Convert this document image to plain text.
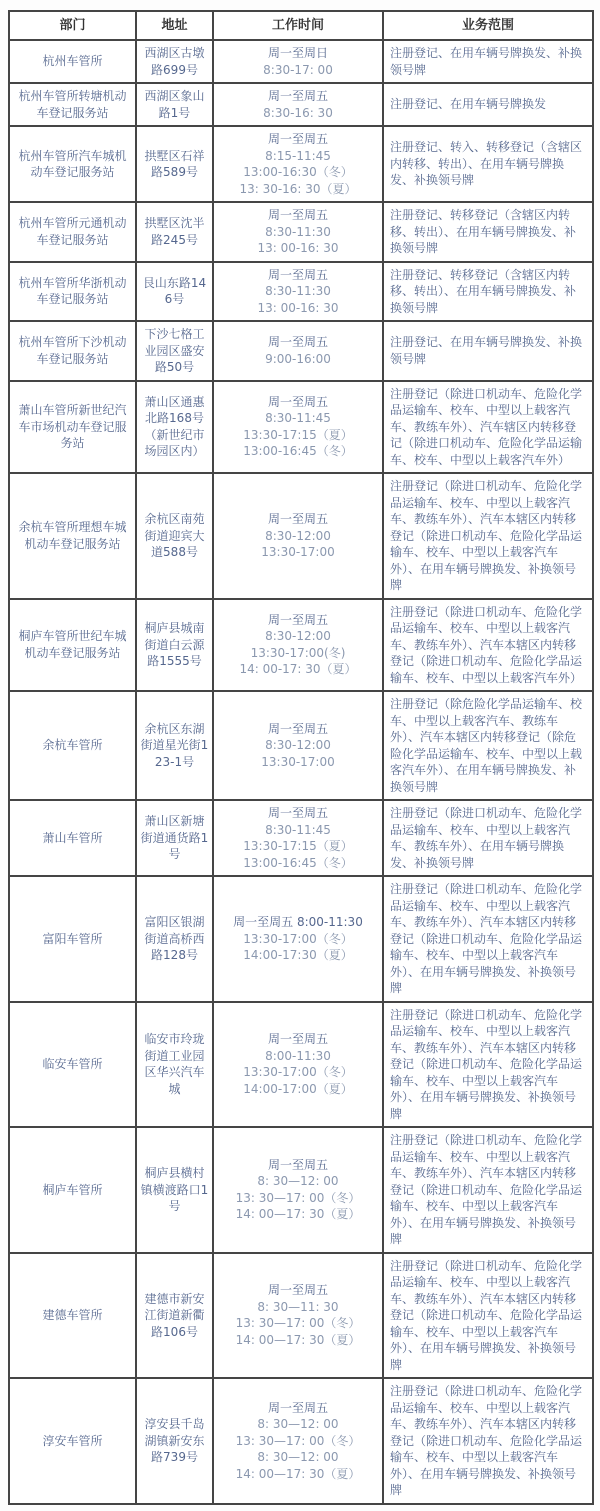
部门	地址	工作时间	业务范围
杭州车管所	西湖区古墩路699号	周一至周日
8:30-17: 00	注册登记、在用车辆号牌换发、补换领号牌
杭州车管所转塘机动车登记服务站	西湖区象山路1号	周一至周五
8:30-16: 30	注册登记、在用车辆号牌换发
杭州车管所汽车城机动车登记服务站	拱墅区石祥路589号	周一至周五
8:15-11:45
13:00-16:30（冬）
13: 30-16: 30（夏）	注册登记、转入、转移登记（含辖区内转移、转出）、在用车辆号牌换发、补换领号牌
杭州车管所元通机动车登记服务站	拱墅区沈半路245号	周一至周五
8:30-11:30
13: 00-16: 30	注册登记、转移登记（含辖区内转移、转出）、在用车辆号牌换发、补换领号牌
杭州车管所华浙机动车登记服务站	艮山东路146号	周一至周五
8:30-11:30
13: 00-16: 30	注册登记、转移登记（含辖区内转移、转出）、在用车辆号牌换发、补换领号牌
杭州车管所下沙机动车登记服务站	下沙七格工业园区盛安路50号	周一至周五
9:00-16:00	注册登记、在用车辆号牌换发、补换领号牌
萧山车管所新世纪汽车市场机动车登记服务站	萧山区通惠北路168号（新世纪市场园区内）	周一至周五
8:30-11:45
13:30-17:15（夏）
13:00-16:45（冬）	注册登记（除进口机动车、危险化学品运输车、校车、中型以上载客汽车、教练车外）、汽车辖区内转移登记（除进口机动车、危险化学品运输车、校车、中型以上载客汽车外）
余杭车管所理想车城机动车登记服务站	余杭区南苑街道迎宾大道588号	周一至周五
8:30-12:00
13:30-17:00	注册登记（除进口机动车、危险化学品运输车、校车、中型以上载客汽车、教练车外）、汽车本辖区内转移登记（除进口机动车、危险化学品运输车、校车、中型以上载客汽车外）、在用车辆号牌换发、补换领号牌
桐庐车管所世纪车城机动车登记服务站	桐庐县城南街道白云源路1555号	周一至周五
8:30-12:00
13:30-17:00(冬)
14: 00-17: 30（夏）	注册登记（除进口机动车、危险化学品运输车、校车、中型以上载客汽车、教练车外）、汽车本辖区内转移登记（除进口机动车、危险化学品运输车、校车、中型以上载客汽车外）
余杭车管所	余杭区东湖街道星光街123-1号	周一至周五
8:30-12:00
13:30-17:00	注册登记（除危险化学品运输车、校车、中型以上载客汽车、教练车外）、汽车本辖区内转移登记（除危险化学品运输车、校车、中型以上载客汽车外）、在用车辆号牌换发、补换领号牌
萧山车管所	萧山区新塘街道通货路1号	周一至周五
8:30-11:45
13:30-17:15（夏）
13:00-16:45（冬）	注册登记（除进口机动车、危险化学品运输车、校车、中型以上载客汽车、教练车外）、在用车辆号牌换发、补换领号牌
富阳车管所	富阳区银湖街道高桥西路128号	周一至周五 8:00-11:30
13:30-17:00（冬）
14:00-17:30（夏）	注册登记（除进口机动车、危险化学品运输车、校车、中型以上载客汽车、教练车外）、汽车本辖区内转移登记（除进口机动车、危险化学品运输车、校车、中型以上载客汽车外）、在用车辆号牌换发、补换领号牌
临安车管所	临安市玲珑街道工业园区华兴汽车城	周一至周五
8:00-11:30
13:30-17:00（冬）
14:00-17:00（夏）	注册登记（除进口机动车、危险化学品运输车、校车、中型以上载客汽车、教练车外）、汽车本辖区内转移登记（除进口机动车、危险化学品运输车、校车、中型以上载客汽车外）、在用车辆号牌换发、补换领号牌
桐庐车管所	桐庐县横村镇横渡路口1号	周一至周五
8: 30—12: 00
13: 30—17: 00（冬）
14: 00—17: 30（夏）	注册登记（除进口机动车、危险化学品运输车、校车、中型以上载客汽车、教练车外）、汽车本辖区内转移登记（除进口机动车、危险化学品运输车、校车、中型以上载客汽车外）、在用车辆号牌换发、补换领号牌
建德车管所	建德市新安江街道新衢路106号	周一至周五
8: 30—11: 30
13: 30—17: 00（冬）
14: 00—17: 30（夏）	注册登记（除进口机动车、危险化学品运输车、校车、中型以上载客汽车、教练车外）、汽车本辖区内转移登记（除进口机动车、危险化学品运输车、校车、中型以上载客汽车外）、在用车辆号牌换发、补换领号牌
淳安车管所	淳安县千岛湖镇新安东路739号	周一至周五
8: 30—12: 00
13: 30—17: 00（冬）
8: 30—12: 00
14: 00—17: 30（夏）	注册登记（除进口机动车、危险化学品运输车、校车、中型以上载客汽车、教练车外）、汽车本辖区内转移登记（除进口机动车、危险化学品运输车、校车、中型以上载客汽车外）、在用车辆号牌换发、补换领号牌
